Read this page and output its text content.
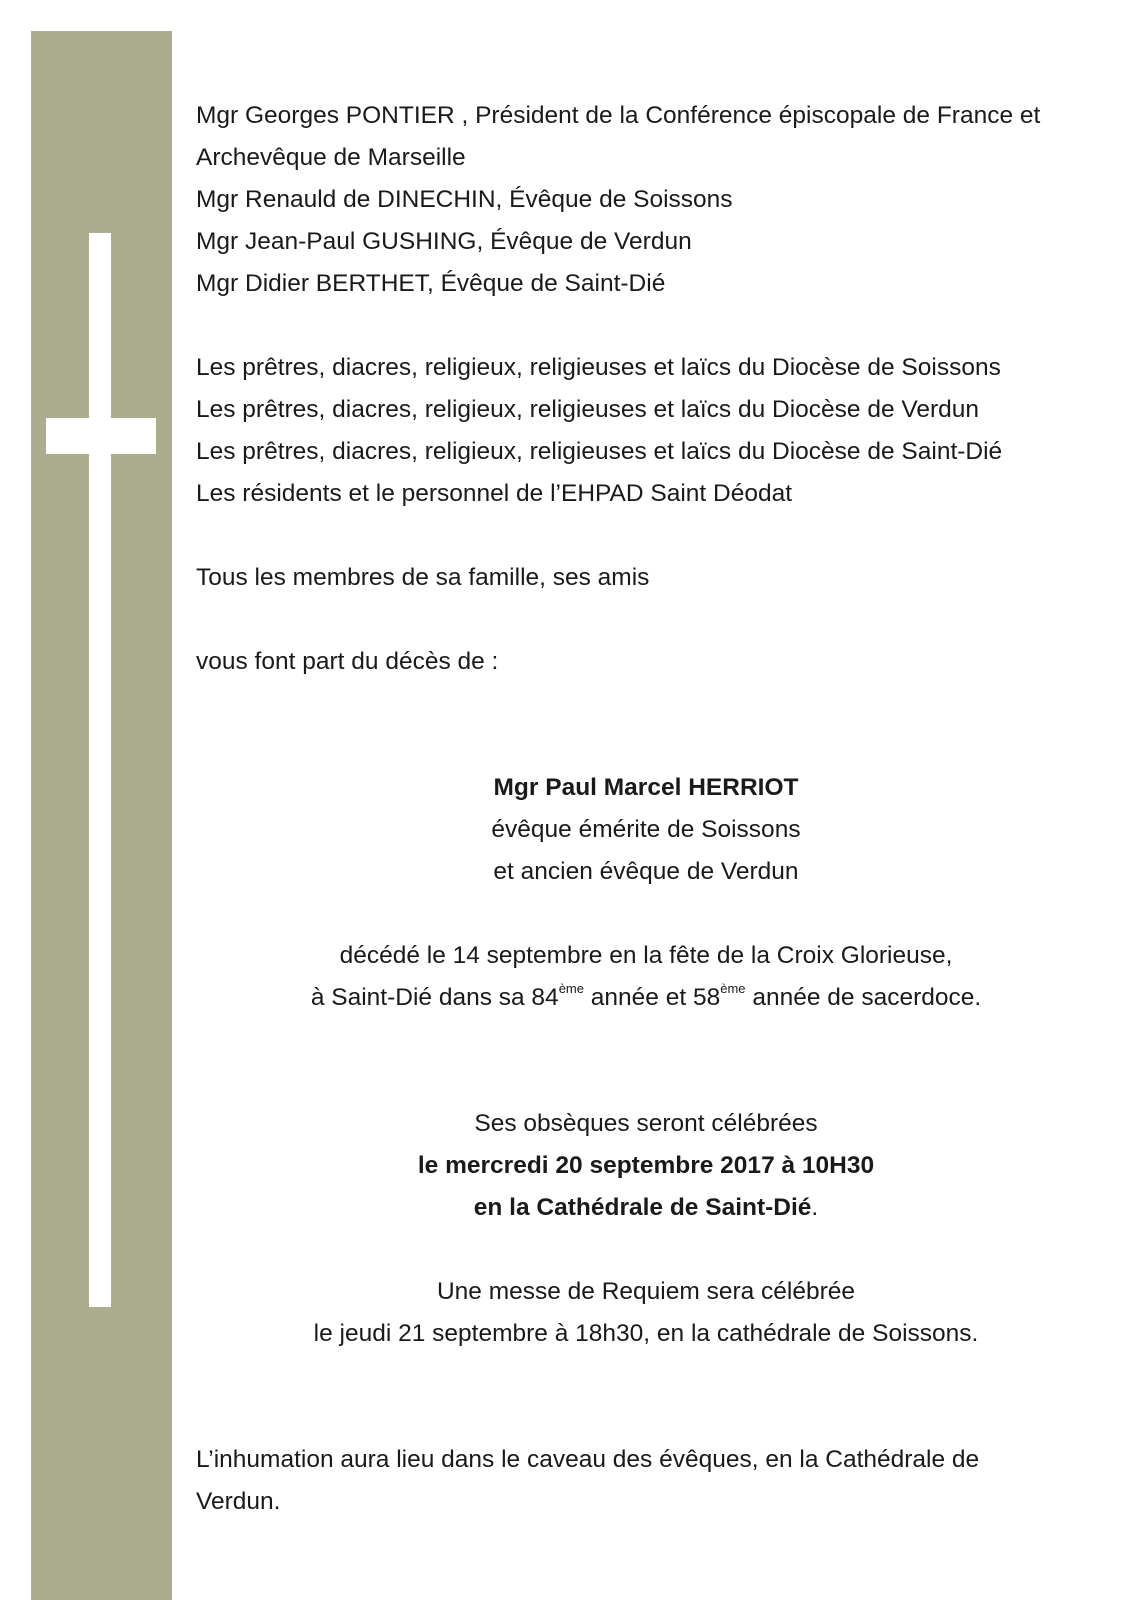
Mgr Georges PONTIER , Président de la Conférence épiscopale de France et
Archevêque de Marseille
Mgr Renauld de DINECHIN, Évêque de Soissons
Mgr Jean-Paul GUSHING, Évêque de Verdun
Mgr Didier BERTHET, Évêque de Saint-Dié
Les prêtres, diacres, religieux, religieuses et laïcs du Diocèse de Soissons
Les prêtres, diacres, religieux, religieuses et laïcs du Diocèse de Verdun
Les prêtres, diacres, religieux, religieuses et laïcs du Diocèse de Saint-Dié
Les résidents et le personnel de l’EHPAD Saint Déodat
Tous les membres de sa famille, ses amis
vous font part du décès de :
Mgr Paul Marcel HERRIOT
évêque émérite de Soissons
et ancien évêque de Verdun
décédé le 14 septembre en la fête de la Croix Glorieuse,
à Saint-Dié dans sa 84ème année et 58ème année de sacerdoce.
Ses obsèques seront célébrées
le mercredi 20 septembre 2017 à 10H30
en la Cathédrale de Saint-Dié.
Une messe de Requiem sera célébrée
le jeudi 21 septembre à 18h30, en la cathédrale de Soissons.
L’inhumation aura lieu dans le caveau des évêques, en la Cathédrale de
Verdun.
